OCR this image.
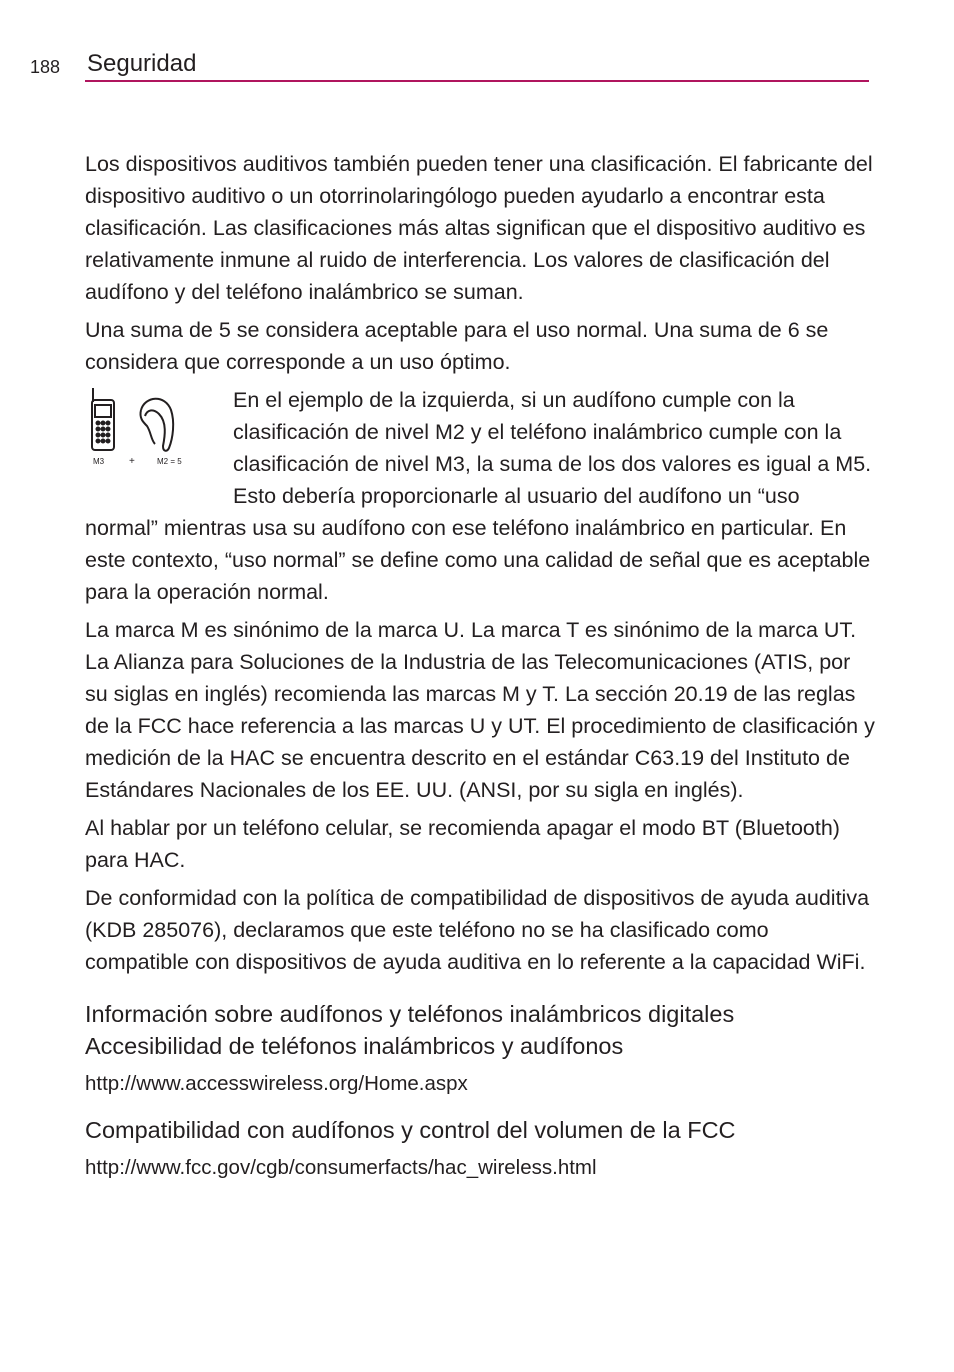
188 Seguridad

Los dispositivos auditivos también pueden tener una clasificación. El fabricante del dispositivo auditivo o un otorrinolaringólogo pueden ayudarlo a encontrar esta clasificación. Las clasificaciones más altas significan que el dispositivo auditivo es relativamente inmune al ruido de interferencia. Los valores de clasificación del audífono y del teléfono inalámbrico se suman.

Una suma de 5 se considera aceptable para el uso normal. Una suma de 6 se considera que corresponde a un uso óptimo.

M3 +	M2 = 5

En el ejemplo de la izquierda, si un audífono cumple con la clasificación de nivel M2 y el teléfono inalámbrico cumple con la clasificación de nivel M3, la suma de los dos valores es igual a M5. Esto debería proporcionarle al usuario del audífono un “uso normal” mientras usa su audífono con ese teléfono inalámbrico en particular. En este contexto, “uso normal” se define como una calidad de señal que es aceptable para la operación normal.

La marca M es sinónimo de la marca U. La marca T es sinónimo de la marca UT. La Alianza para Soluciones de la Industria de las Telecomunicaciones (ATIS, por su siglas en inglés) recomienda las marcas M y T. La sección 20.19 de las reglas de la FCC hace referencia a las marcas U y UT. El procedimiento de clasificación y medición de la HAC se encuentra descrito en el estándar C63.19 del Instituto de Estándares Nacionales de los EE. UU. (ANSI, por su sigla en inglés).

Al hablar por un teléfono celular, se recomienda apagar el modo BT (Bluetooth) para HAC.

De conformidad con la política de compatibilidad de dispositivos de ayuda auditiva (KDB 285076), declaramos que este teléfono no se ha clasificado como compatible con dispositivos de ayuda auditiva en lo referente a la capacidad WiFi.

Información sobre audífonos y teléfonos inalámbricos digitales
Accesibilidad de teléfonos inalámbricos y audífonos
http://www.accesswireless.org/Home.aspx
Compatibilidad con audífonos y control del volumen de la FCC
http://www.fcc.gov/cgb/consumerfacts/hac_wireless.html
